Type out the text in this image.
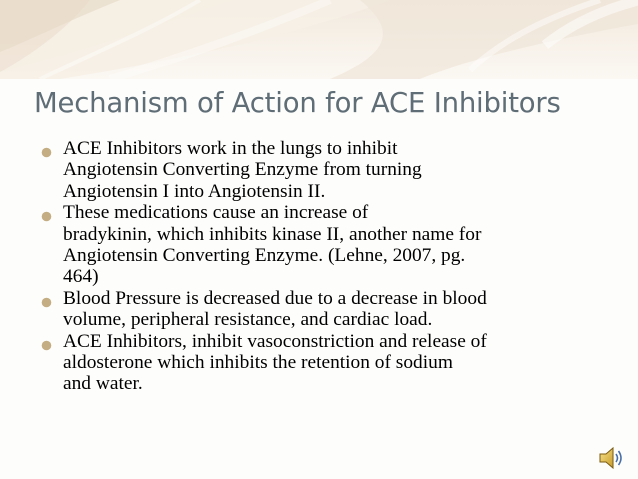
Mechanism of Action for ACE Inhibitors
ACE Inhibitors work in the lungs to inhibit
Angiotensin Converting Enzyme from turning
Angiotensin I into Angiotensin II.
These medications cause an increase of
bradykinin, which inhibits kinase II, another name for
Angiotensin Converting Enzyme. (Lehne, 2007, pg.
464)
Blood Pressure is decreased due to a decrease in blood
volume, peripheral resistance, and cardiac load.
ACE Inhibitors, inhibit vasoconstriction and release of
aldosterone which inhibits the retention of sodium
and water.
